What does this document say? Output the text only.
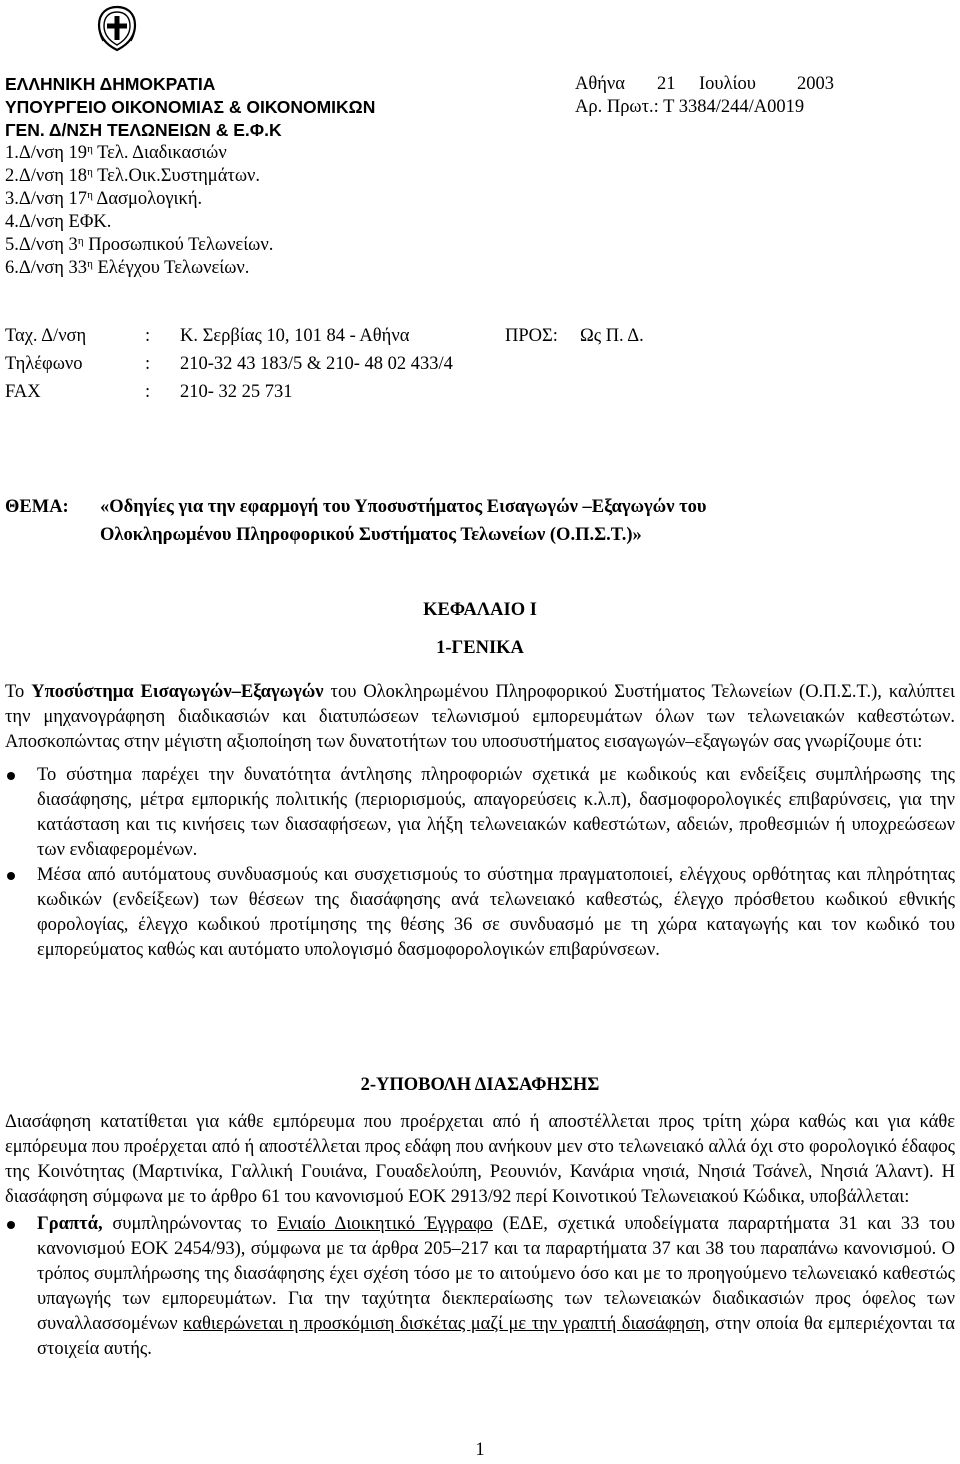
ΕΛΛΗΝΙΚΗ ΔΗΜΟΚΡΑΤΙΑ
ΥΠΟΥΡΓΕΙΟ ΟΙΚΟΝΟΜΙΑΣ & ΟΙΚΟΝΟΜΙΚΩΝ
ΓΕΝ. Δ/ΝΣΗ ΤΕΛΩΝΕΙΩΝ & Ε.Φ.Κ
1.Δ/νση $19^\eta$ Τελ. Διαδικασιών
2.Δ/νση $18^\eta$ Τελ.Οικ.Συστημάτων.
3.Δ/νση $17^\eta$ Δασμολογική.
4.Δ/νση ΕΦΚ.
5.Δ/νση $3^\eta$ Προσωπικού Τελωνείων.
6.Δ/νση $33^\eta$ Ελέγχου Τελωνείων.
Αθήνα 21 Ιουλίου 2003
Αρ. Πρωτ.: Τ 3384/244/Α0019
Ταχ. Δ/νση	: Κ. Σερβίας 10, 101 84 - Αθήνα	ΠΡΟΣ: Ως Π. Δ.
Τηλέφωνο	: 210-32 43 183/5 & 210- 48 02 433/4
FAX	: 210- 32 25 731
ΘΕΜΑ: «Οδηγίες για την εφαρμογή του Υποσυστήματος Εισαγωγών –Εξαγωγών του
Ολοκληρωμένου Πληροφορικού Συστήματος Τελωνείων (Ο.Π.Σ.Τ.)»
ΚΕΦΑΛΑΙΟ Ι
1-ΓΕΝΙΚΑ

Το Υποσύστημα Εισαγωγών–Εξαγωγών του Ολοκληρωμένου Πληροφορικού Συστήματος Τελωνείων (Ο.Π.Σ.Τ.), καλύπτει την μηχανογράφηση διαδικασιών και διατυπώσεων τελωνισμού εμπορευμάτων όλων των τελωνειακών καθεστώτων. Αποσκοπώντας στην μέγιστη αξιοποίηση των δυνατοτήτων του υποσυστήματος εισαγωγών–εξαγωγών σας γνωρίζουμε ότι:

Το σύστημα παρέχει την δυνατότητα άντλησης πληροφοριών σχετικά με κωδικούς και ενδείξεις συμπλήρωσης της διασάφησης, μέτρα εμπορικής πολιτικής (περιορισμούς, απαγορεύσεις κ.λ.π), δασμοφορολογικές επιβαρύνσεις, για την κατάσταση και τις κινήσεις των διασαφήσεων, για λήξη τελωνειακών καθεστώτων, αδειών, προθεσμιών ή υποχρεώσεων των ενδιαφερομένων.
Μέσα από αυτόματους συνδυασμούς και συσχετισμούς το σύστημα πραγματοποιεί, ελέγχους ορθότητας και πληρότητας κωδικών (ενδείξεων) των θέσεων της διασάφησης ανά τελωνειακό καθεστώς, έλεγχο πρόσθετου κωδικού εθνικής φορολογίας, έλεγχο κωδικού προτίμησης της θέσης 36 σε συνδυασμό με τη χώρα καταγωγής και τον κωδικό του εμπορεύματος καθώς και αυτόματο υπολογισμό δασμοφορολογικών επιβαρύνσεων.
2-ΥΠΟΒΟΛΗ ΔΙΑΣΑΦΗΣΗΣ

Διασάφηση κατατίθεται για κάθε εμπόρευμα που προέρχεται από ή αποστέλλεται προς τρίτη χώρα καθώς και για κάθε εμπόρευμα που προέρχεται από ή αποστέλλεται προς εδάφη που ανήκουν μεν στο τελωνειακό αλλά όχι στο φορολογικό έδαφος της Κοινότητας (Μαρτινίκα, Γαλλική Γουιάνα, Γουαδελούπη, Ρεουνιόν, Κανάρια νησιά, Νησιά Τσάνελ, Νησιά Άλαντ). Η διασάφηση σύμφωνα με το άρθρο 61 του κανονισμού ΕΟΚ 2913/92 περί Κοινοτικού Τελωνειακού Κώδικα, υποβάλλεται:

Γραπτά, συμπληρώνοντας το Ενιαίο Διοικητικό Έγγραφο (ΕΔΕ, σχετικά υποδείγματα παραρτήματα 31 και 33 του κανονισμού ΕΟΚ 2454/93), σύμφωνα με τα άρθρα 205–217 και τα παραρτήματα 37 και 38 του παραπάνω κανονισμού. Ο τρόπος συμπλήρωσης της διασάφησης έχει σχέση τόσο με το αιτούμενο όσο και με το προηγούμενο τελωνειακό καθεστώς υπαγωγής των εμπορευμάτων. Για την ταχύτητα διεκπεραίωσης των τελωνειακών διαδικασιών προς όφελος των συναλλασσομένων καθιερώνεται η προσκόμιση δισκέτας μαζί με την γραπτή διασάφηση, στην οποία θα εμπεριέχονται τα στοιχεία αυτής.
1
